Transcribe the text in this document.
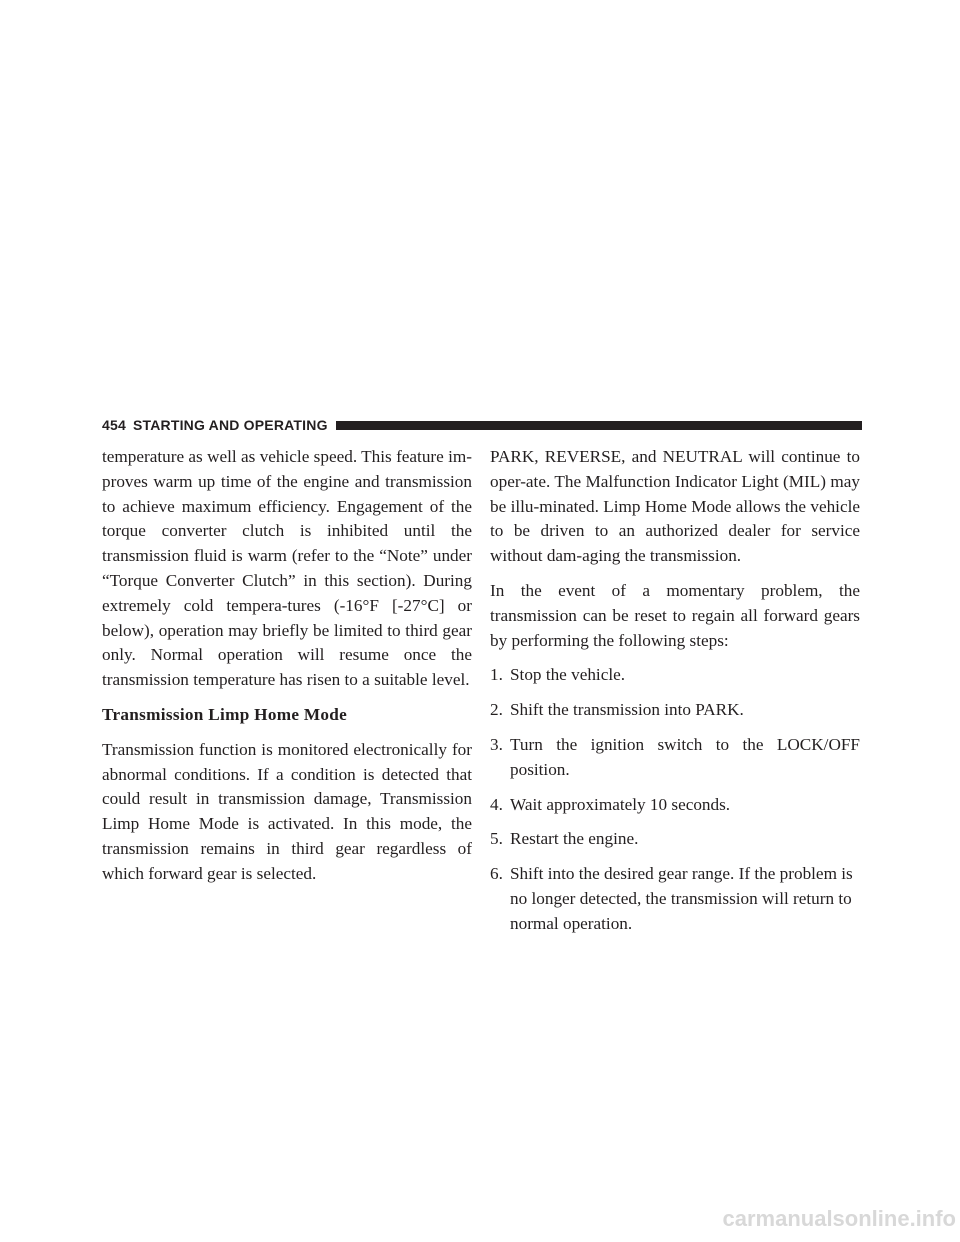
454 STARTING AND OPERATING

temperature as well as vehicle speed. This feature im-proves warm up time of the engine and transmission to achieve maximum efficiency. Engagement of the torque converter clutch is inhibited until the transmission fluid is warm (refer to the “Note” under “Torque Converter Clutch” in this section). During extremely cold tempera-tures (-16°F [-27°C] or below), operation may briefly be limited to third gear only. Normal operation will resume once the transmission temperature has risen to a suitable level.

Transmission Limp Home Mode

Transmission function is monitored electronically for abnormal conditions. If a condition is detected that could result in transmission damage, Transmission Limp Home Mode is activated. In this mode, the transmission remains in third gear regardless of which forward gear is selected.

PARK, REVERSE, and NEUTRAL will continue to oper-ate. The Malfunction Indicator Light (MIL) may be illu-minated. Limp Home Mode allows the vehicle to be driven to an authorized dealer for service without dam-aging the transmission.

In the event of a momentary problem, the transmission can be reset to regain all forward gears by performing the following steps:

1. Stop the vehicle.
2. Shift the transmission into PARK.
3. Turn the ignition switch to the LOCK/OFF position.
4. Wait approximately 10 seconds.
5. Restart the engine.
6. Shift into the desired gear range. If the problem is no longer detected, the transmission will return to normal operation.
carmanualsonline.info
